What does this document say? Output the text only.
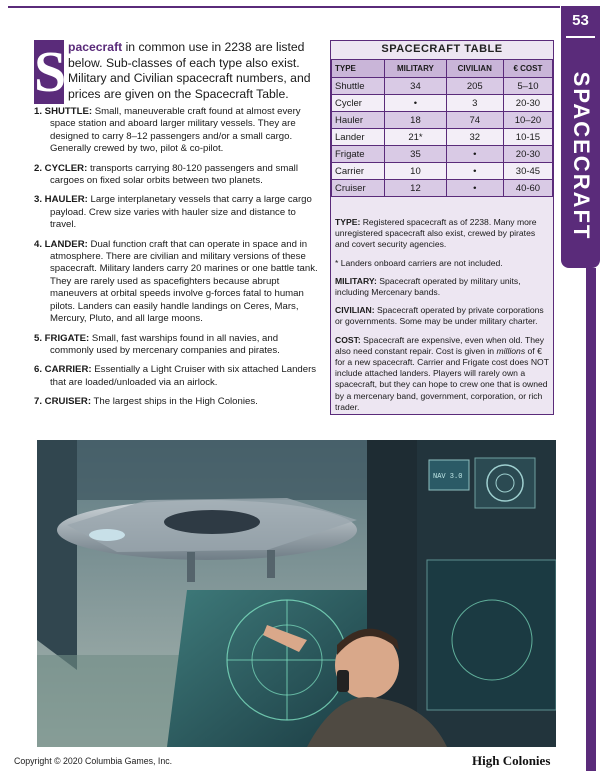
53
SPACECRAFT
S pacecraft in common use in 2238 are listed below. Sub-classes of each type also exist. Military and Civilian spacecraft numbers, and prices are given on the Spacecraft Table.
1. SHUTTLE: Small, maneuverable craft found at almost every space station and aboard larger military vessels. They are designed to carry 8–12 passengers and/or a small cargo. Generally crewed by two, pilot & co-pilot.
2. CYCLER: transports carrying 80-120 passengers and small cargoes on fixed solar orbits between two planets.
3. HAULER: Large interplanetary vessels that carry a large cargo payload. Crew size varies with hauler size and distance to travel.
4. LANDER: Dual function craft that can operate in space and in atmosphere. There are civilian and military versions of these spacecraft. Military landers carry 20 marines or one battle tank. They are rarely used as spacefighters because abrupt maneuvers at orbital speeds involve g-forces fatal to human pilots. Landers can easily handle landings on Ceres, Mars, Mercury, Pluto, and all large moons.
5. FRIGATE: Small, fast warships found in all navies, and commonly used by mercenary companies and pirates.
6. CARRIER: Essentially a Light Cruiser with six attached Landers that are loaded/unloaded via an airlock.
7. CRUISER: The largest ships in the High Colonies.
SPACECRAFT TABLE
TYPE	MILITARY	CIVILIAN	€ COST
Shuttle	34	205	5–10
Cycler	•	3	20-30
Hauler	18	74	10–20
Lander	21*	32	10-15
Frigate	35	•	20-30
Carrier	10	•	30-45
Cruiser	12	•	40-60

TYPE: Registered spacecraft as of 2238. Many more unregistered spacecraft also exist, crewed by pirates and covert security agencies.

* Landers onboard carriers are not included.

MILITARY: Spacecraft operated by military units, including Mercenary bands.

CIVILIAN: Spacecraft operated by private corporations or governments. Some may be under military charter.

COST: Spacecraft are expensive, even when old. They also need constant repair. Cost is given in millions of € for a new spacecraft. Carrier and Frigate cost does NOT include attached landers. Players will rarely own a spacecraft, but they can hope to crew one that is owned by a mercenary band, government, corporation, or rich trader.

NAV 3.0
Copyright © 2020 Columbia Games, Inc.	High Colonies
